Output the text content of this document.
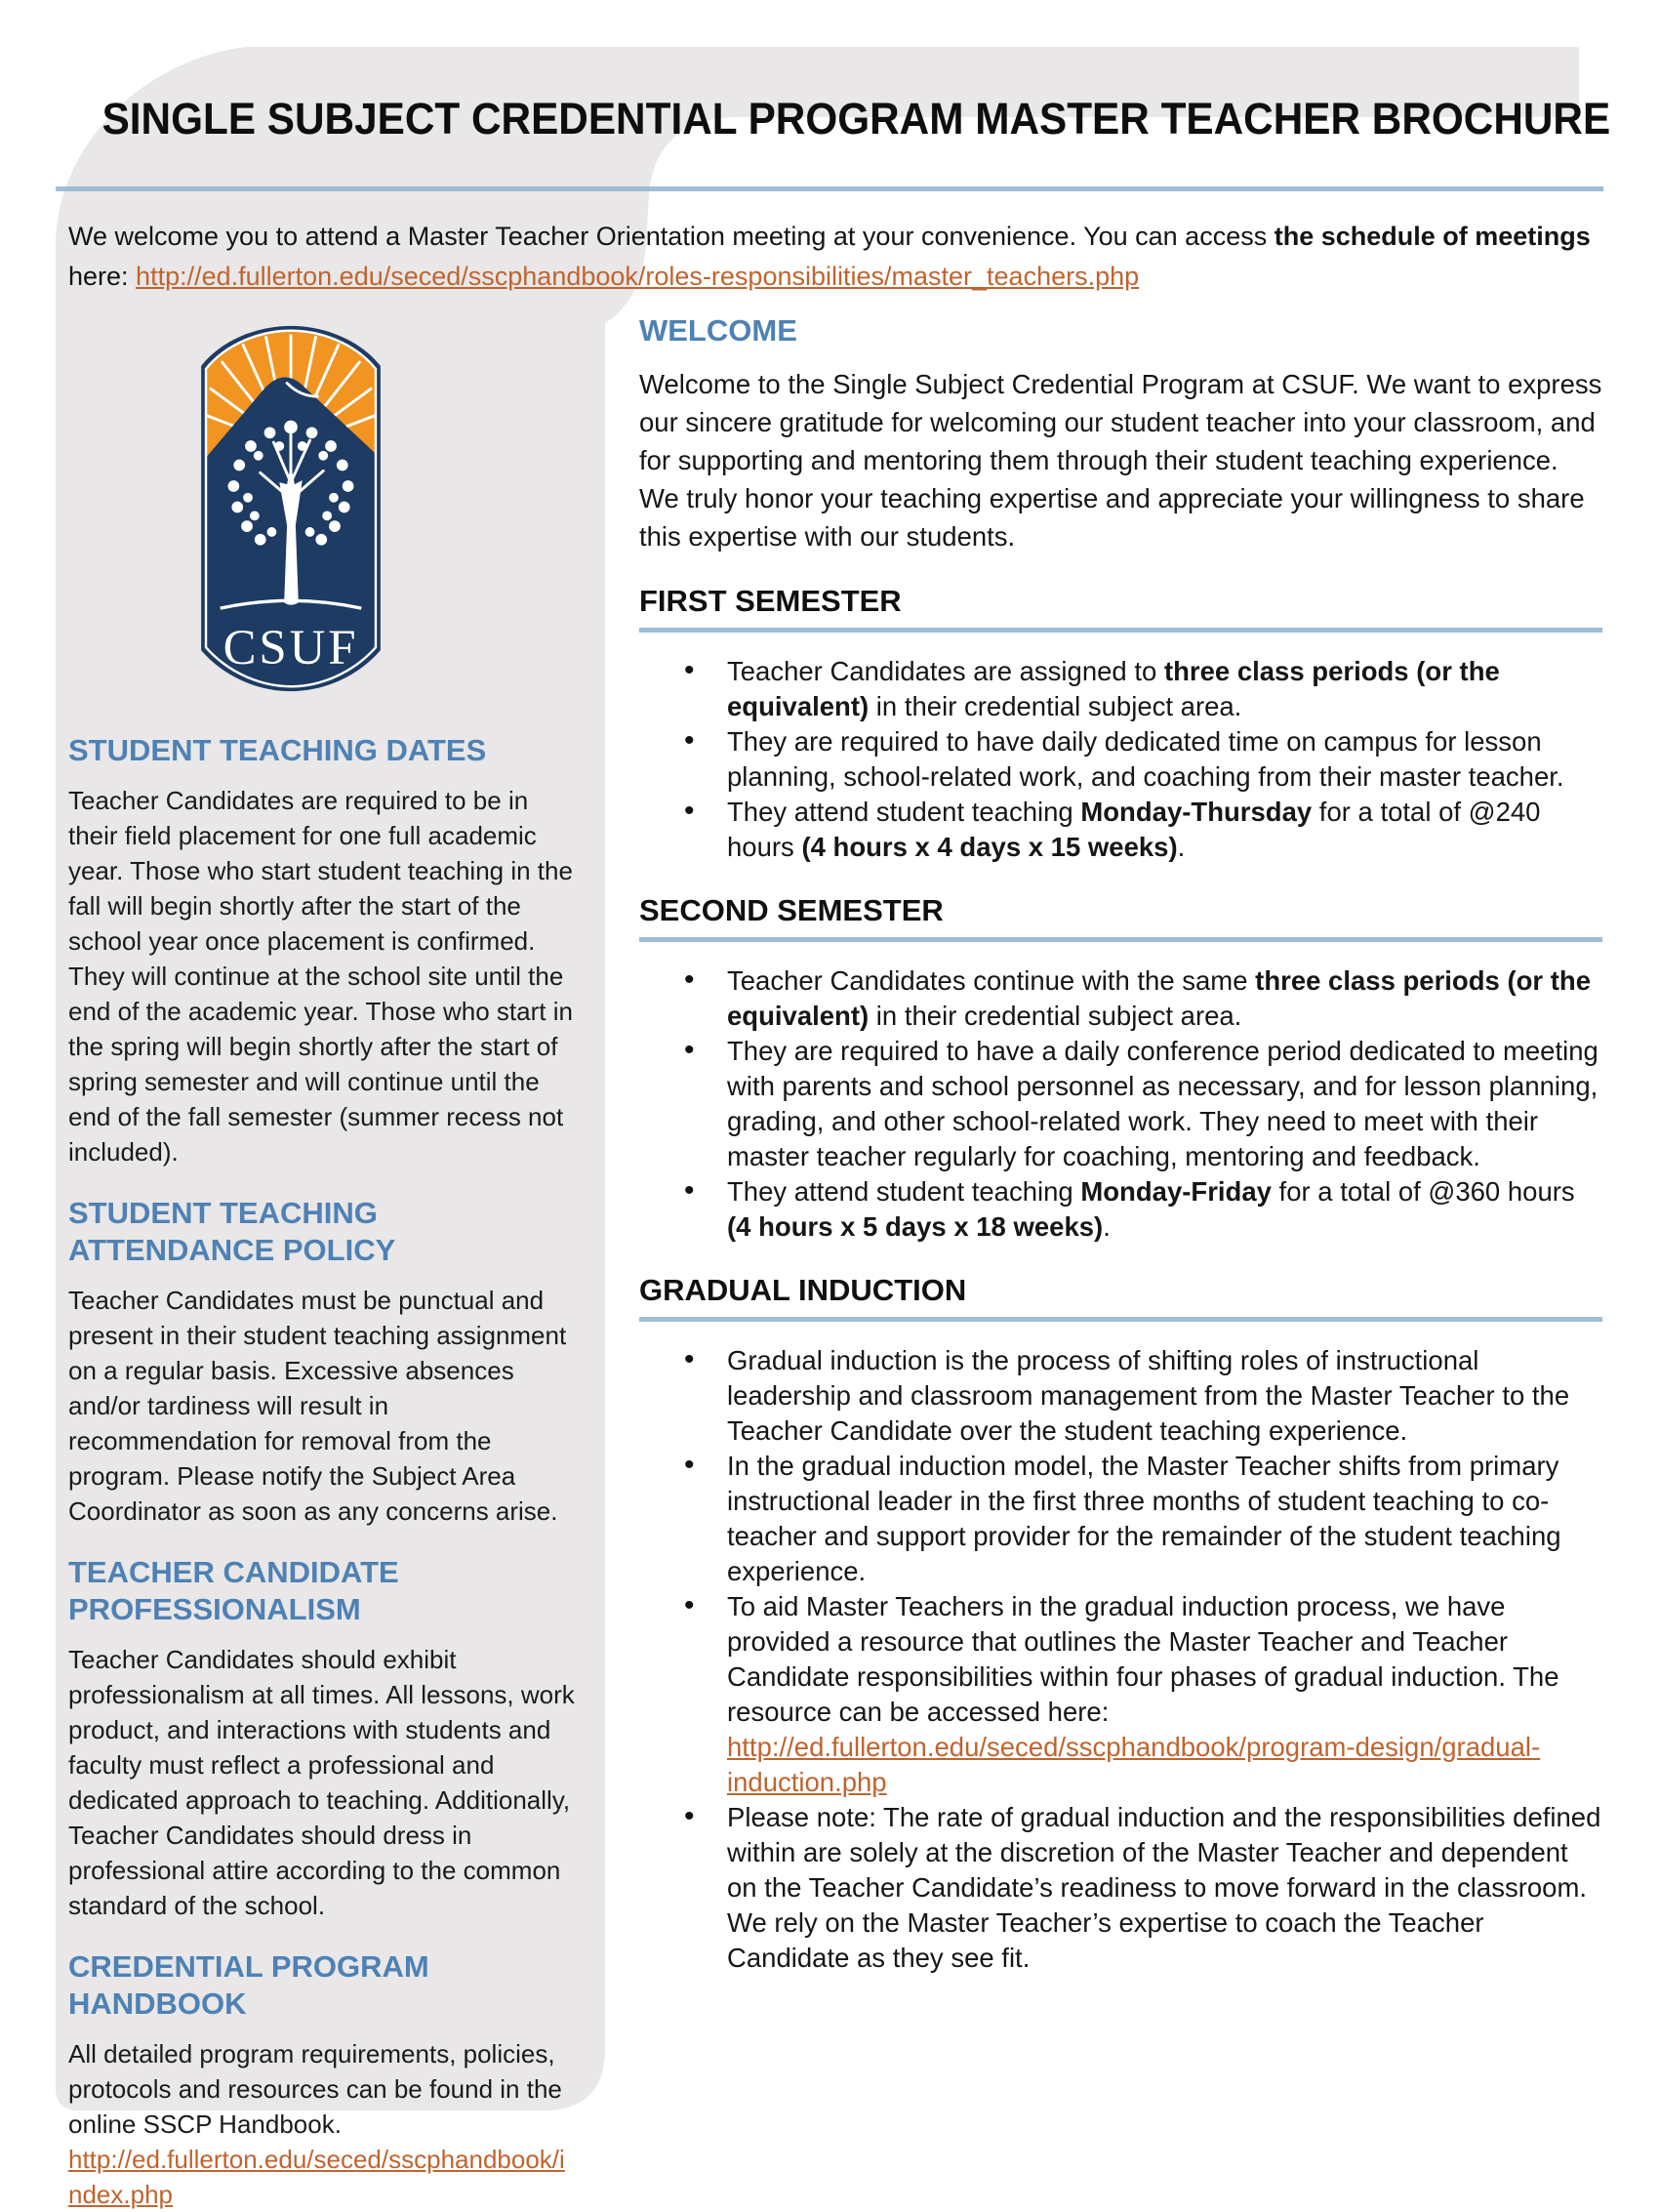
SINGLE SUBJECT CREDENTIAL PROGRAM MASTER TEACHER BROCHURE
We welcome you to attend a Master Teacher Orientation meeting at your convenience. You can access the schedule of meetings here: http://ed.fullerton.edu/seced/sscphandbook/roles-responsibilities/master_teachers.php
CSUF
STUDENT TEACHING DATES

Teacher Candidates are required to be in their field placement for one full academic year. Those who start student teaching in the fall will begin shortly after the start of the school year once placement is confirmed. They will continue at the school site until the end of the academic year. Those who start in the spring will begin shortly after the start of spring semester and will continue until the end of the fall semester (summer recess not included).

STUDENT TEACHING ATTENDANCE POLICY

Teacher Candidates must be punctual and present in their student teaching assignment on a regular basis. Excessive absences and/or tardiness will result in recommendation for removal from the program. Please notify the Subject Area Coordinator as soon as any concerns arise.

TEACHER CANDIDATE PROFESSIONALISM

Teacher Candidates should exhibit professionalism at all times. All lessons, work product, and interactions with students and faculty must reflect a professional and dedicated approach to teaching. Additionally, Teacher Candidates should dress in professional attire according to the common standard of the school.

CREDENTIAL PROGRAM HANDBOOK

All detailed program requirements, policies, protocols and resources can be found in the online SSCP Handbook.
http://ed.fullerton.edu/seced/sscphandbook/index.php

WELCOME

Welcome to the Single Subject Credential Program at CSUF. We want to express our sincere gratitude for welcoming our student teacher into your classroom, and for supporting and mentoring them through their student teaching experience. We truly honor your teaching expertise and appreciate your willingness to share this expertise with our students.

FIRST SEMESTER
• Teacher Candidates are assigned to three class periods (or the equivalent) in their credential subject area.
• They are required to have daily dedicated time on campus for lesson planning, school-related work, and coaching from their master teacher.
• They attend student teaching Monday-Thursday for a total of @240 hours (4 hours x 4 days x 15 weeks).
SECOND SEMESTER
• Teacher Candidates continue with the same three class periods (or the equivalent) in their credential subject area.
• They are required to have a daily conference period dedicated to meeting with parents and school personnel as necessary, and for lesson planning, grading, and other school-related work. They need to meet with their master teacher regularly for coaching, mentoring and feedback.
• They attend student teaching Monday-Friday for a total of @360 hours (4 hours x 5 days x 18 weeks).
GRADUAL INDUCTION
• Gradual induction is the process of shifting roles of instructional leadership and classroom management from the Master Teacher to the Teacher Candidate over the student teaching experience.
• In the gradual induction model, the Master Teacher shifts from primary instructional leader in the first three months of student teaching to co-teacher and support provider for the remainder of the student teaching experience.
• To aid Master Teachers in the gradual induction process, we have provided a resource that outlines the Master Teacher and Teacher Candidate responsibilities within four phases of gradual induction. The resource can be accessed here: http://ed.fullerton.edu/seced/sscphandbook/program-design/gradual-induction.php
• Please note: The rate of gradual induction and the responsibilities defined within are solely at the discretion of the Master Teacher and dependent on the Teacher Candidate’s readiness to move forward in the classroom. We rely on the Master Teacher’s expertise to coach the Teacher Candidate as they see fit.
